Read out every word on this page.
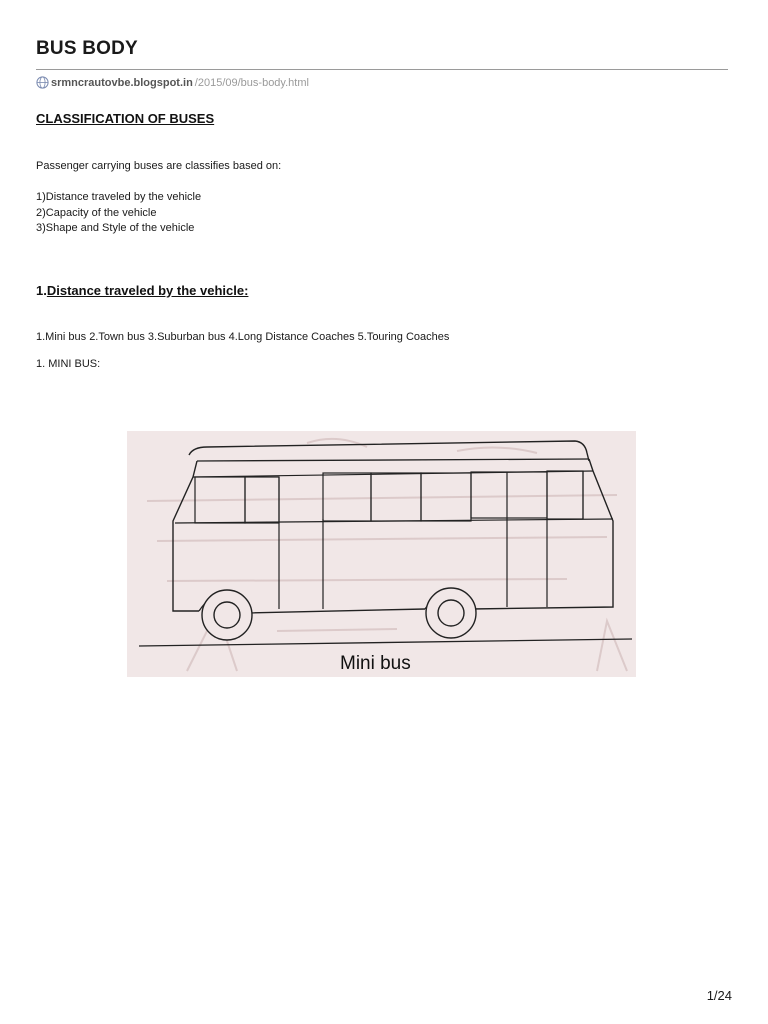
BUS BODY
srmncrautovbe.blogspot.in /2015/09/bus-body.html
CLASSIFICATION OF BUSES

Passenger carrying buses are classifies based on:

1)Distance traveled by the vehicle
2)Capacity of the vehicle
3)Shape and Style of the vehicle
1.Distance traveled by the vehicle:

1.Mini bus 2.Town bus 3.Suburban bus 4.Long Distance Coaches 5.Touring Coaches

1. MINI BUS:

Mini bus
1/24
